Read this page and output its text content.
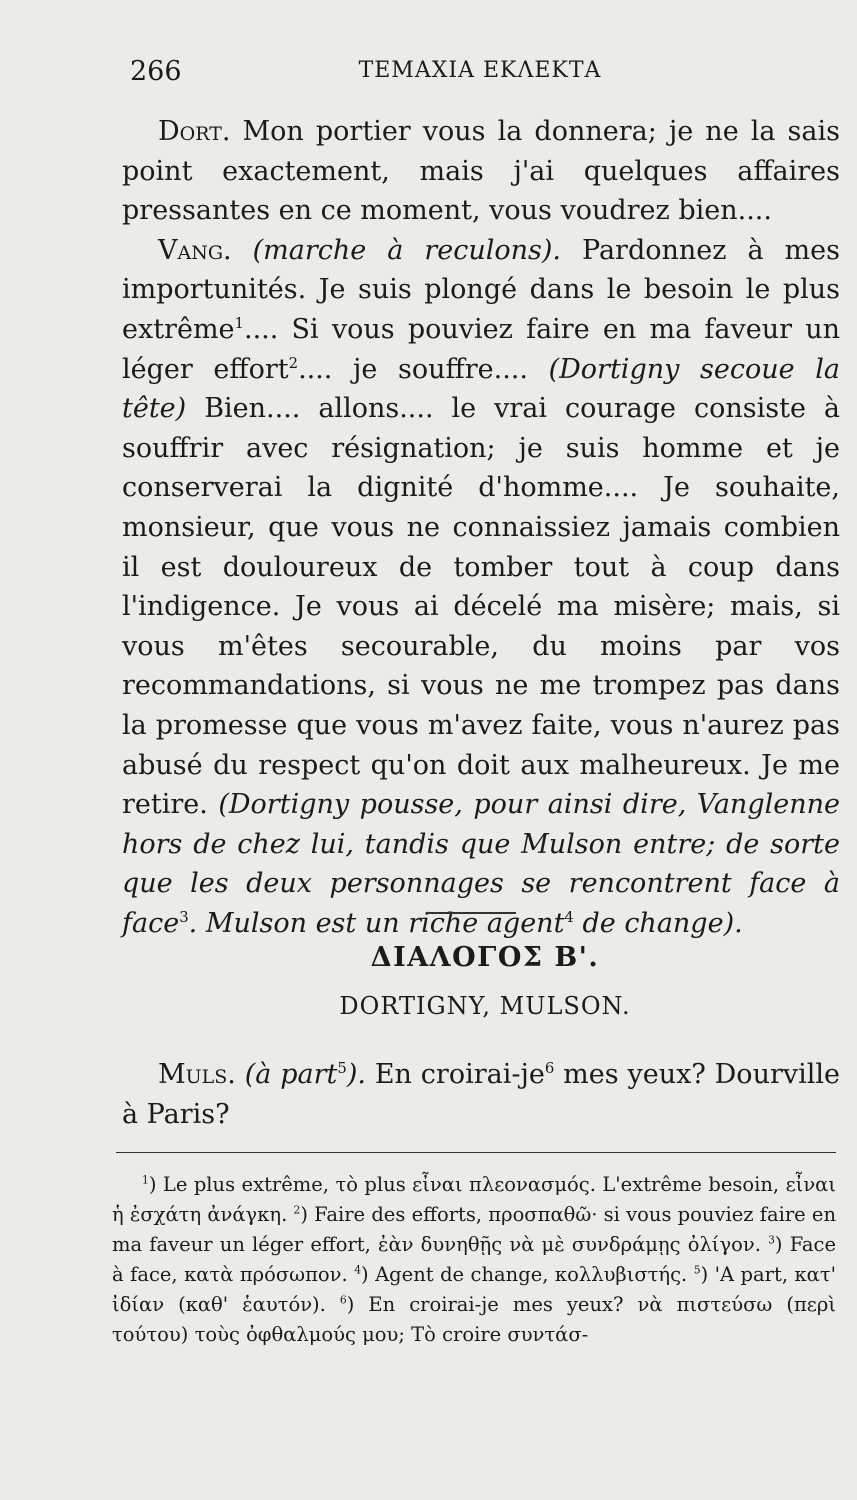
266	ΤΕΜΑΧΙΑ ΕΚΛΕΚΤΑ

Dort. Mon portier vous la donnera; je ne la sais point exactement, mais j'ai quelques affaires pressantes en ce moment, vous voudrez bien....

Vang. (marche à reculons). Pardonnez à mes importunités. Je suis plongé dans le besoin le plus extrême$^1$.... Si vous pouviez faire en ma faveur un léger effort$^2$.... je souffre.... (Dortigny secoue la tête) Bien.... allons.... le vrai courage consiste à souffrir avec résignation; je suis homme et je conserverai la dignité d'homme.... Je souhaite, monsieur, que vous ne connaissiez jamais combien il est douloureux de tomber tout à coup dans l'indigence. Je vous ai décelé ma misère; mais, si vous m'êtes secourable, du moins par vos recommandations, si vous ne me trompez pas dans la promesse que vous m'avez faite, vous n'aurez pas abusé du respect qu'on doit aux malheureux. Je me retire. (Dortigny pousse, pour ainsi dire, Vanglenne hors de chez lui, tandis que Mulson entre; de sorte que les deux personnages se rencontrent face à face$^3$. Mulson est un riche agent$^4$ de change).

ΔΙΑΛΟΓΟΣ Β'.
DORTIGNY, MULSON.

Muls. (à part$^5$). En croirai-$je^6$ mes yeux? Dourville à Paris?

$^1$) Le plus extrême, τὸ plus εἶναι πλεονασμός. L'extrême besoin, εἶναι ἡ ἐσχάτη ἀνάγκη. $^2$) Faire des efforts, προσπαθῶ· si vous pouviez faire en ma faveur un léger effort, ἐὰν δυνηθῇς νὰ μὲ συνδράμῃς ὀλίγον. $^3$) Face à face, κατὰ πρόσωπον. $^4$) Agent de change, κολλυβιστής. $^5$) 'A part, κατ' ἰδίαν (καθ' ἑαυτόν). $^6$) En croirai-je mes yeux? νὰ πιστεύσω (περὶ τούτου) τοὺς ὀφθαλμούς μου; Τὸ croire συντάσ-
